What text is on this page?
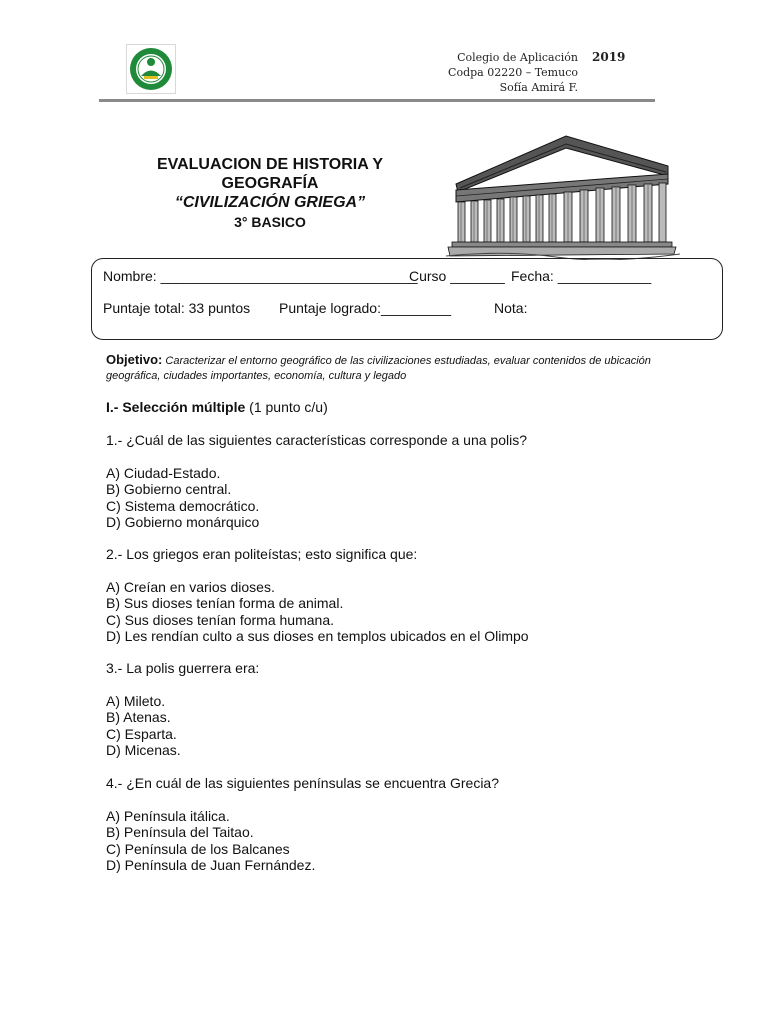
Colegio de Aplicación
Codpa 02220 – Temuco
Sofía Amirá F.
2019
EVALUACION DE HISTORIA Y
GEOGRAFÍA
“CIVILIZACIÓN GRIEGA”
3° BASICO
Nombre: _________________________________
Curso _______ Fecha: ____________
Puntaje total: 33 puntos Puntaje logrado:_________	Nota:
Objetivo: Caracterizar el entorno geográfico de las civilizaciones estudiadas, evaluar contenidos de ubicación geográfica, ciudades importantes, economía, cultura y legado
I.- Selección múltiple (1 punto c/u)
1.- ¿Cuál de las siguientes características corresponde a una polis?
A) Ciudad-Estado.
B) Gobierno central.
C) Sistema democrático.
D) Gobierno monárquico
2.- Los griegos eran politeístas; esto significa que:
A) Creían en varios dioses.
B) Sus dioses tenían forma de animal.
C) Sus dioses tenían forma humana.
D) Les rendían culto a sus dioses en templos ubicados en el Olimpo
3.- La polis guerrera era:
A) Mileto.
B) Atenas.
C) Esparta.
D) Micenas.
4.- ¿En cuál de las siguientes penínsulas se encuentra Grecia?
A) Península itálica.
B) Península del Taitao.
C) Península de los Balcanes
D) Península de Juan Fernández.
